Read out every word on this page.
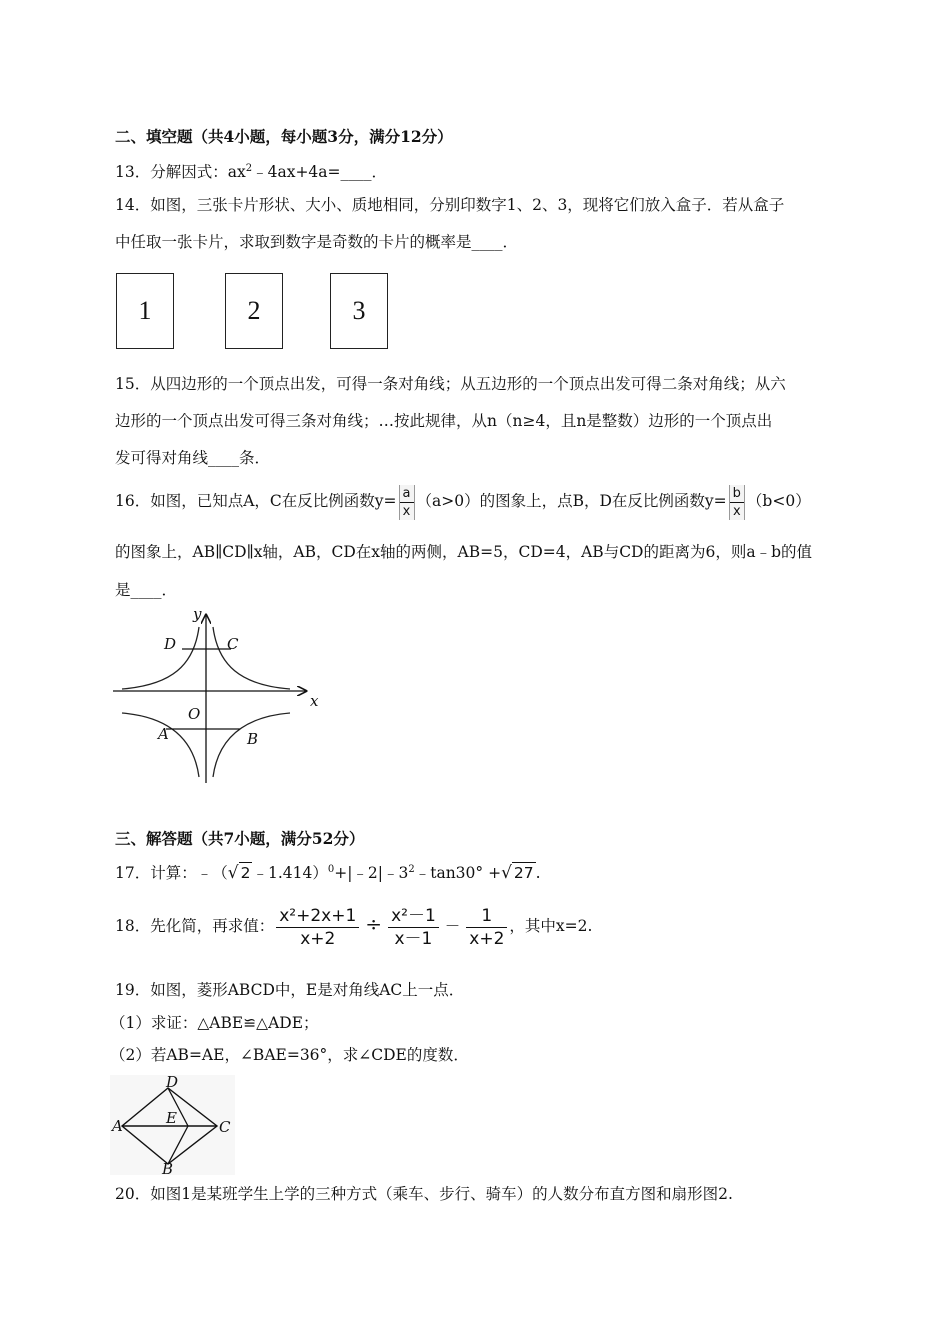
二、填空题（共4小题，每小题3分，满分12分）
13．分解因式：$ax^2﹣4ax+4a=\_\_\_\_$．
14．如图，三张卡片形状、大小、质地相同，分别印数字1、2、3，现将它们放入盒子．若从盒子
中任取一张卡片，求取到数字是奇数的卡片的概率是____．
1	2	3
15．从四边形的一个顶点出发，可得一条对角线；从五边形的一个顶点出发可得二条对角线；从六
边形的一个顶点出发可得三条对角线；…按此规律，从n（n≥4，且n是整数）边形的一个顶点出
发可得对角线____条．
16．如图，已知点A，C在反比例函数$y= \frac{a}{x} (a>0)$的图象上，点B，D在反比例函数$y= \frac{b}{x} (b<0)$
的图象上，AB∥CD∥x轴，AB，CD在x轴的两侧，AB=5，CD=4，AB与CD的距离为6，则a﹣b的值
是____．
y
x
O
D	C
A	B
三、解答题（共7小题，满分52分）
17．计算：﹣（√ 2 $﹣1.414)^0+|﹣2|﹣3^2﹣\tan 30^\circ$ +√ 27 .
18．先化简，再求值： $\frac{\text{x²+2x+1}}{x+2} \div \frac{\text{x²－1}}{x-1} - \frac{1}{x+2}$ ，其中x=2.
19．如图，菱形ABCD中，E是对角线AC上一点．
（1）求证：△ABE≌△ADE；
（2）若AB=AE，∠BAE=36°，求∠CDE的度数．
A	C
D
B
E
20．如图1是某班学生上学的三种方式（乘车、步行、骑车）的人数分布直方图和扇形图2.
